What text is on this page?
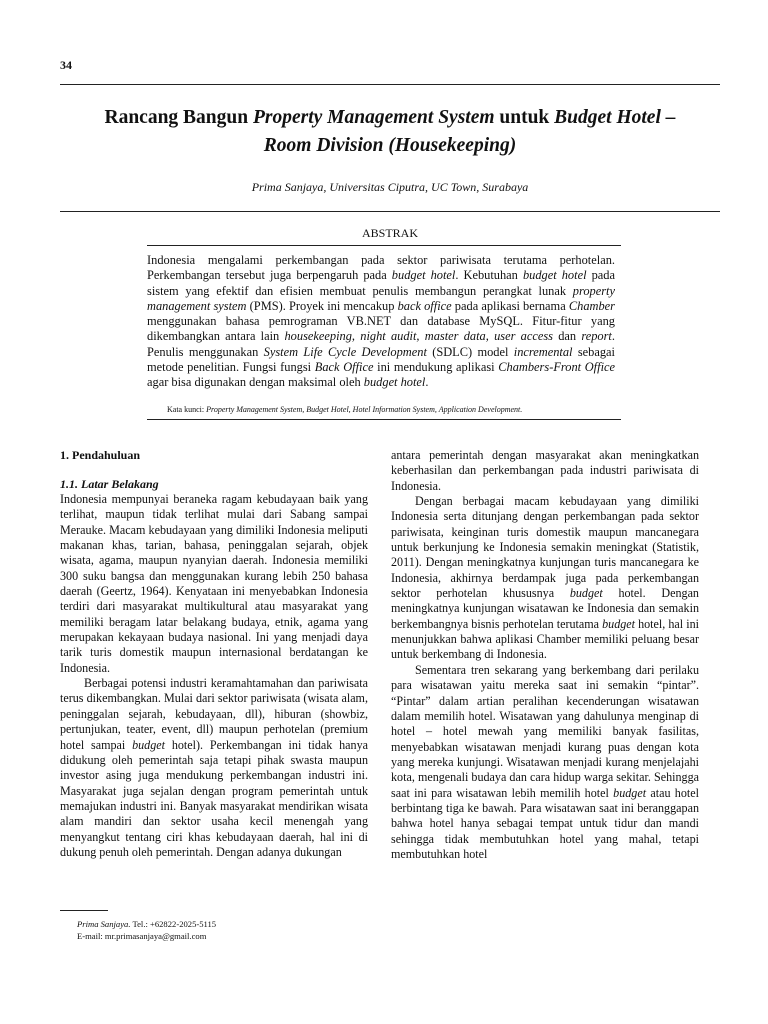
34
Rancang Bangun Property Management System untuk Budget Hotel –
Room Division (Housekeeping)
Prima Sanjaya, Universitas Ciputra, UC Town, Surabaya
ABSTRAK
Indonesia mengalami perkembangan pada sektor pariwisata terutama perhotelan. Perkembangan tersebut juga berpengaruh pada budget hotel. Kebutuhan budget hotel pada sistem yang efektif dan efisien membuat penulis membangun perangkat lunak property management system (PMS). Proyek ini mencakup back office pada aplikasi bernama Chamber menggunakan bahasa pemrograman VB.NET dan database MySQL. Fitur-fitur yang dikembangkan antara lain housekeeping, night audit, master data, user access dan report. Penulis menggunakan System Life Cycle Development (SDLC) model incremental sebagai metode penelitian. Fungsi fungsi Back Office ini mendukung aplikasi Chambers-Front Office agar bisa digunakan dengan maksimal oleh budget hotel.
Kata kunci: Property Management System, Budget Hotel, Hotel Information System, Application Development.
1. Pendahuluan
1.1. Latar Belakang

Indonesia mempunyai beraneka ragam kebudayaan baik yang terlihat, maupun tidak terlihat mulai dari Sabang sampai Merauke. Macam kebudayaan yang dimiliki Indonesia meliputi makanan khas, tarian, bahasa, peninggalan sejarah, objek wisata, agama, maupun nyanyian daerah. Indonesia memiliki 300 suku bangsa dan menggunakan kurang lebih 250 bahasa daerah (Geertz, 1964). Kenyataan ini menyebabkan Indonesia terdiri dari masyarakat multikultural atau masyarakat yang memiliki beragam latar belakang budaya, etnik, agama yang merupakan kekayaan budaya nasional. Ini yang menjadi daya tarik turis domestik maupun internasional berdatangan ke Indonesia.

Berbagai potensi industri keramahtamahan dan pariwisata terus dikembangkan. Mulai dari sektor pariwisata (wisata alam, peninggalan sejarah, kebudayaan, dll), hiburan (showbiz, pertunjukan, teater, event, dll) maupun perhotelan (premium hotel sampai budget hotel). Perkembangan ini tidak hanya didukung oleh pemerintah saja tetapi pihak swasta maupun investor asing juga mendukung perkembangan industri ini. Masyarakat juga sejalan dengan program pemerintah untuk memajukan industri ini. Banyak masyarakat mendirikan wisata alam mandiri dan sektor usaha kecil menengah yang menyangkut tentang ciri khas kebudayaan daerah, hal ini di dukung penuh oleh pemerintah. Dengan adanya dukungan

antara pemerintah dengan masyarakat akan meningkatkan keberhasilan dan perkembangan pada industri pariwisata di Indonesia.

Dengan berbagai macam kebudayaan yang dimiliki Indonesia serta ditunjang dengan perkembangan pada sektor pariwisata, keinginan turis domestik maupun mancanegara untuk berkunjung ke Indonesia semakin meningkat (Statistik, 2011). Dengan meningkatnya kunjungan turis mancanegara ke Indonesia, akhirnya berdampak juga pada perkembangan sektor perhotelan khususnya budget hotel. Dengan meningkatnya kunjungan wisatawan ke Indonesia dan semakin berkembangnya bisnis perhotelan terutama budget hotel, hal ini menunjukkan bahwa aplikasi Chamber memiliki peluang besar untuk berkembang di Indonesia.

Sementara tren sekarang yang berkembang dari perilaku para wisatawan yaitu mereka saat ini semakin “pintar”. “Pintar” dalam artian peralihan kecenderungan wisatawan dalam memilih hotel. Wisatawan yang dahulunya menginap di hotel – hotel mewah yang memiliki banyak fasilitas, menyebabkan wisatawan menjadi kurang puas dengan kota yang mereka kunjungi. Wisatawan menjadi kurang menjelajahi kota, mengenali budaya dan cara hidup warga sekitar. Sehingga saat ini para wisatawan lebih memilih hotel budget atau hotel berbintang tiga ke bawah. Para wisatawan saat ini beranggapan bahwa hotel hanya sebagai tempat untuk tidur dan mandi sehingga tidak membutuhkan hotel yang mahal, tetapi membutuhkan hotel

Prima Sanjaya. Tel.: +62822-2025-5115
E-mail: mr.primasanjaya@gmail.com
